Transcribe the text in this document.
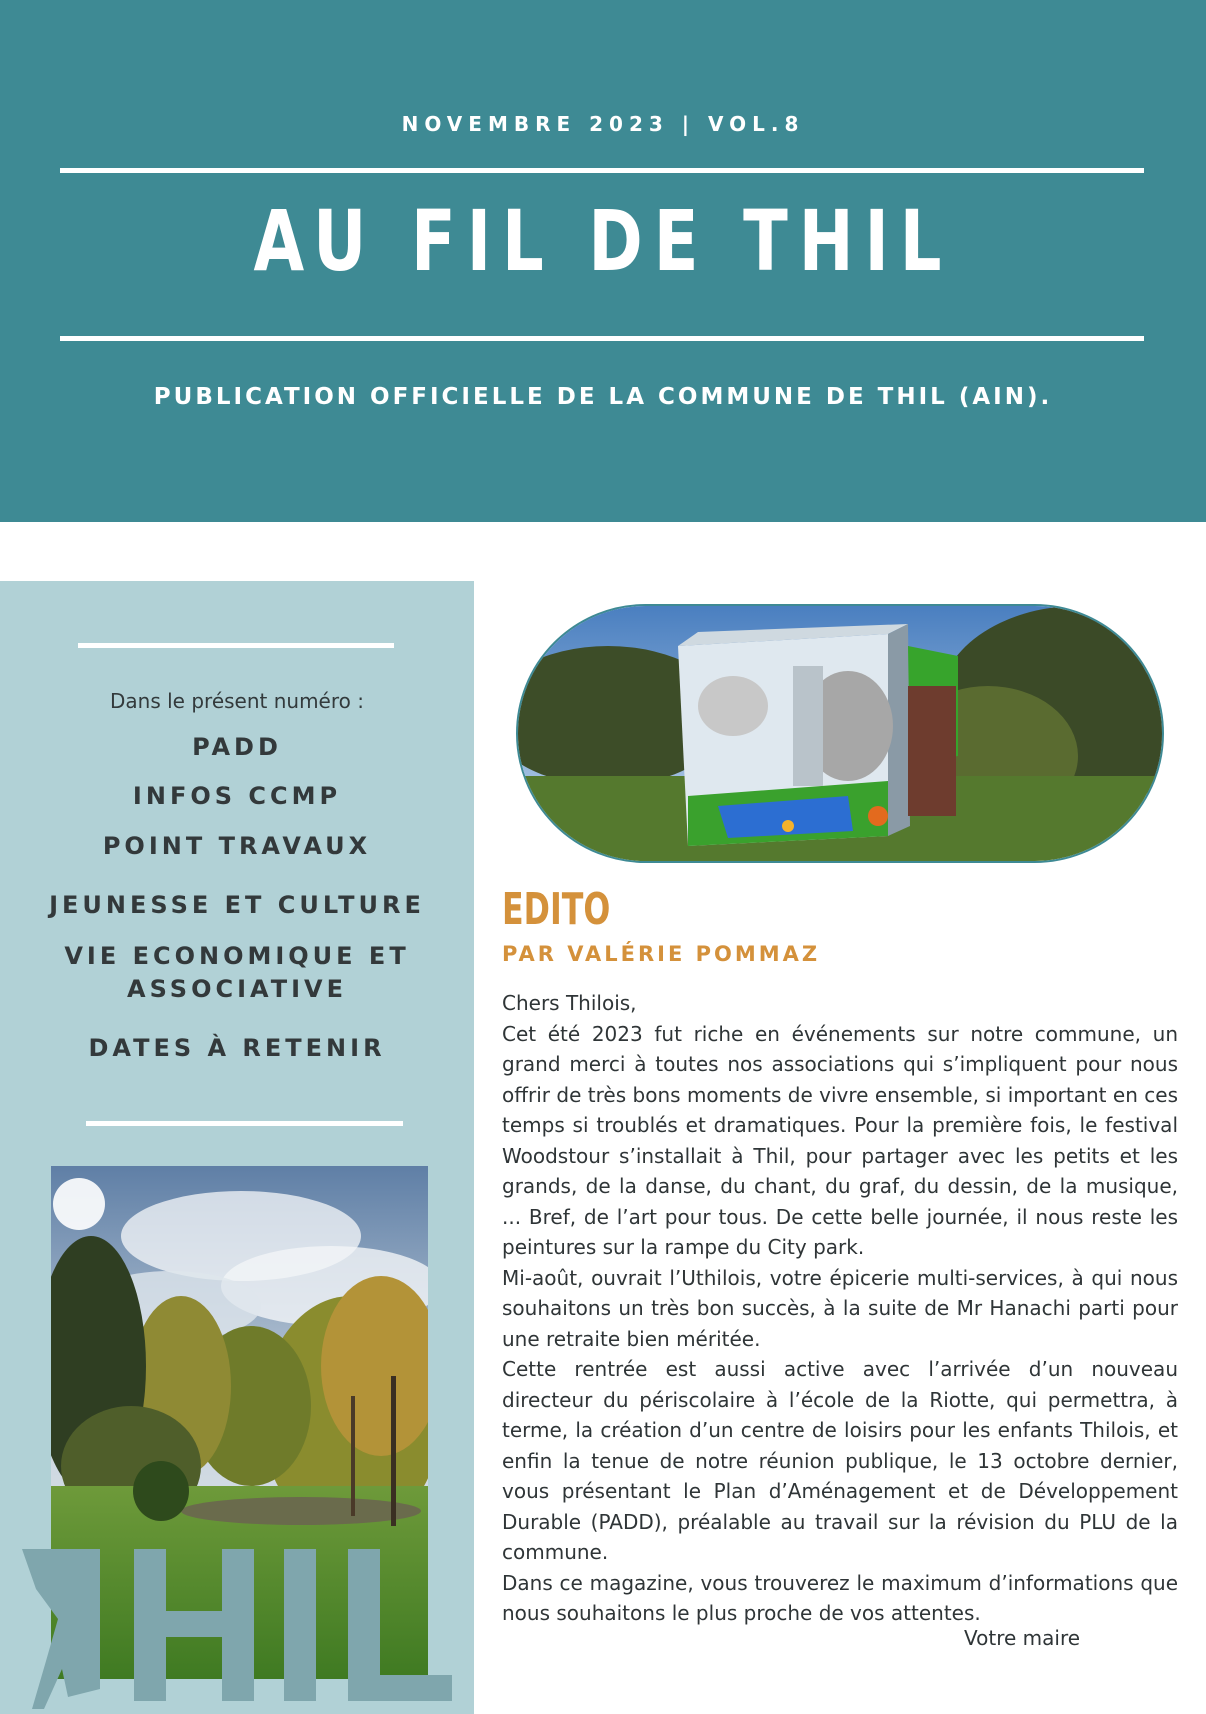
NOVEMBRE 2023 | VOL.8
AU FIL DE THIL
PUBLICATION OFFICIELLE DE LA COMMUNE DE THIL (AIN).
Dans le présent numéro :
PADD
INFOS CCMP
POINT TRAVAUX
JEUNESSE ET CULTURE
VIE ECONOMIQUE ET
ASSOCIATIVE
DATES À RETENIR
EDITO
PAR VALÉRIE POMMAZ

Chers Thilois,

Cet été 2023 fut riche en événements sur notre commune, un grand merci à toutes nos associations qui s’impliquent pour nous offrir de très bons moments de vivre ensemble, si important en ces temps si troublés et dramatiques. Pour la première fois, le festival Woodstour s’installait à Thil, pour partager avec les petits et les grands, de la danse, du chant, du graf, du dessin, de la musique, ... Bref, de l’art pour tous. De cette belle journée, il nous reste les peintures sur la rampe du City park.

Mi-août, ouvrait l’Uthilois, votre épicerie multi-services, à qui nous souhaitons un très bon succès, à la suite de Mr Hanachi parti pour une retraite bien méritée.

Cette rentrée est aussi active avec l’arrivée d’un nouveau directeur du périscolaire à l’école de la Riotte, qui permettra, à terme, la création d’un centre de loisirs pour les enfants Thilois, et enfin la tenue de notre réunion publique, le 13 octobre dernier, vous présentant le Plan d’Aménagement et de Développement Durable (PADD), préalable au travail sur la révision du PLU de la commune.

Dans ce magazine, vous trouverez le maximum d’informations que nous souhaitons le plus proche de vos attentes.

Votre maire
